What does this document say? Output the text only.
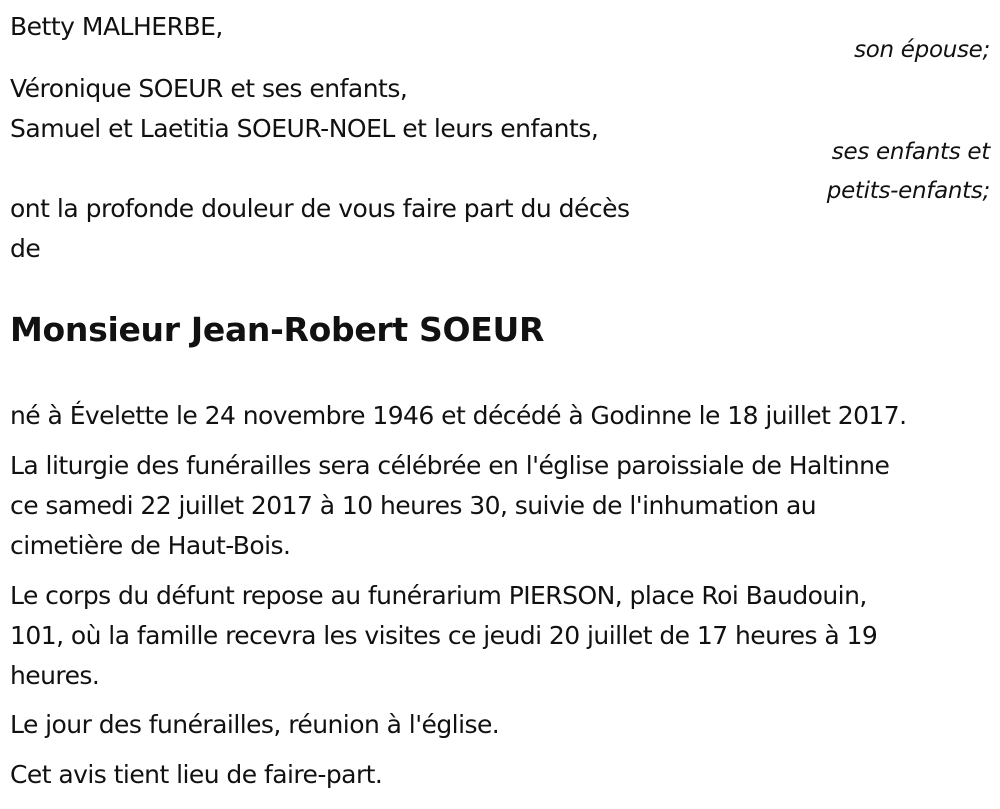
Betty MALHERBE,
son épouse;
Véronique SOEUR et ses enfants,
Samuel et Laetitia SOEUR-NOEL et leurs enfants,
ses enfants et
petits-enfants;
ont la profonde douleur de vous faire part du décès
de
Monsieur Jean-Robert SOEUR
né à Évelette le 24 novembre 1946 et décédé à Godinne le 18 juillet 2017.
La liturgie des funérailles sera célébrée en l'église paroissiale de Haltinne
ce samedi 22 juillet 2017 à 10 heures 30, suivie de l'inhumation au
cimetière de Haut-Bois.
Le corps du défunt repose au funérarium PIERSON, place Roi Baudouin,
101, où la famille recevra les visites ce jeudi 20 juillet de 17 heures à 19
heures.
Le jour des funérailles, réunion à l'église.
Cet avis tient lieu de faire-part.
